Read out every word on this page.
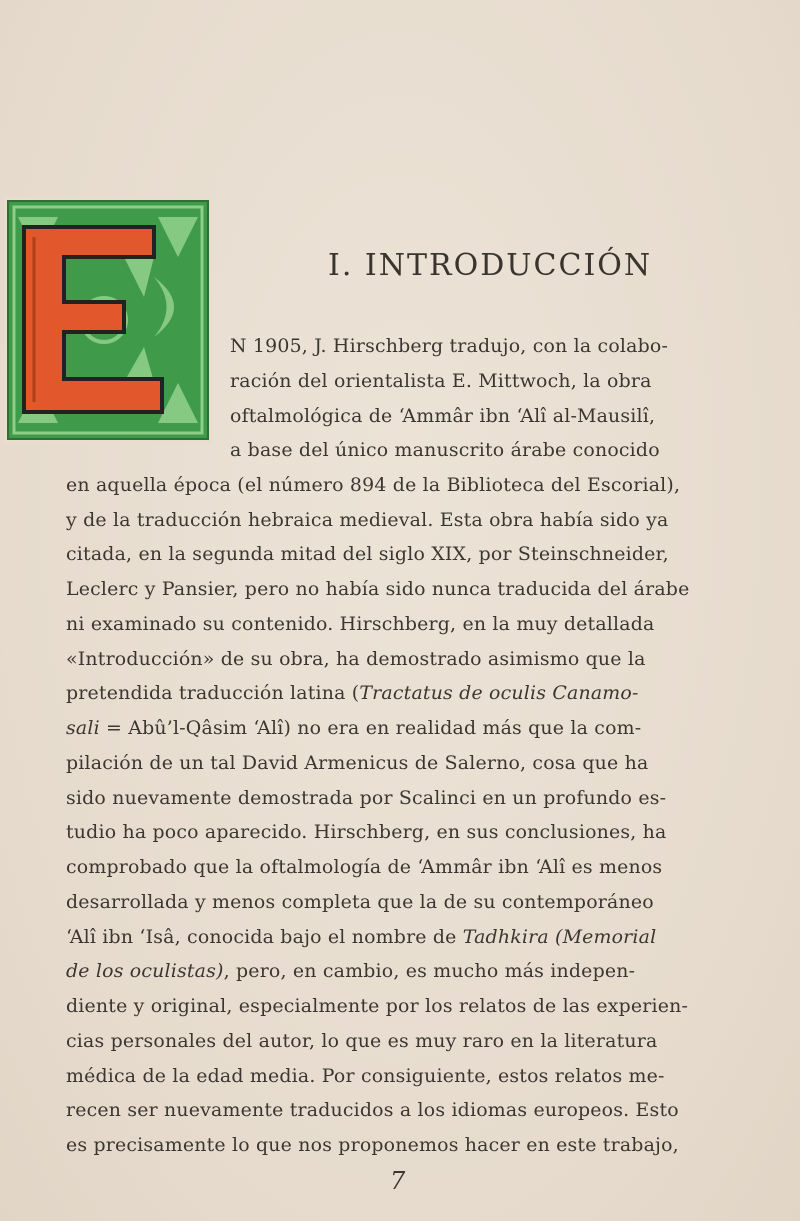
I. INTRODUCCIÓN
N 1905, J. Hirschberg tradujo, con la colabo-
ración del orientalista E. Mittwoch, la obra
oftalmológica de ‘Ammâr ibn ‘Alî al-Mausilî,
a base del único manuscrito árabe conocido
en aquella época (el número 894 de la Biblioteca del Escorial),
y de la traducción hebraica medieval. Esta obra había sido ya
citada, en la segunda mitad del siglo XIX, por Steinschneider,
Leclerc y Pansier, pero no había sido nunca traducida del árabe
ni examinado su contenido. Hirschberg, en la muy detallada
«Introducción» de su obra, ha demostrado asimismo que la
pretendida traducción latina (Tractatus de oculis Canamo-
sali = Abû’l-Qâsim ‘Alî) no era en realidad más que la com-
pilación de un tal David Armenicus de Salerno, cosa que ha
sido nuevamente demostrada por Scalinci en un profundo es-
tudio ha poco aparecido. Hirschberg, en sus conclusiones, ha
comprobado que la oftalmología de ‘Ammâr ibn ‘Alî es menos
desarrollada y menos completa que la de su contemporáneo
‘Alî ibn ‘Isâ, conocida bajo el nombre de Tadhkira (Memorial
de los oculistas), pero, en cambio, es mucho más indepen-
diente y original, especialmente por los relatos de las experien-
cias personales del autor, lo que es muy raro en la literatura
médica de la edad media. Por consiguiente, estos relatos me-
recen ser nuevamente traducidos a los idiomas europeos. Esto
es precisamente lo que nos proponemos hacer en este trabajo,
7
